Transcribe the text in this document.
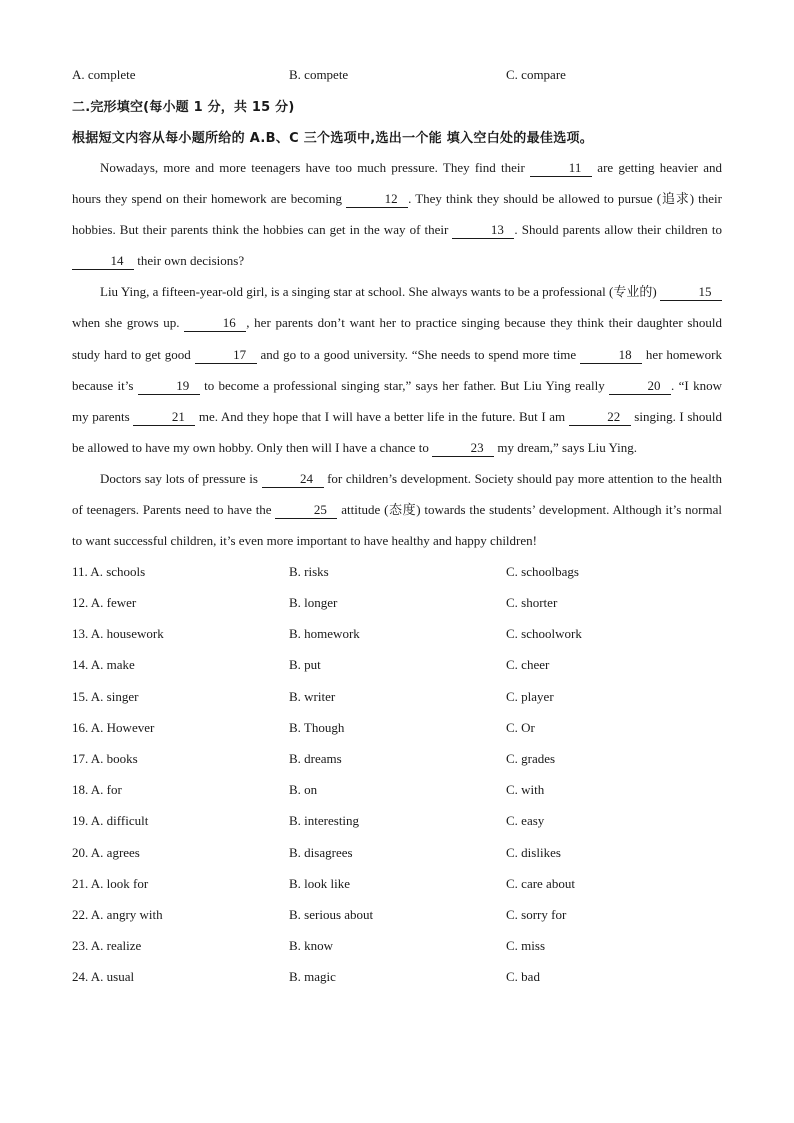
A. complete	B. compete	C. compare
二.完形填空(每小题 1 分，共 15 分)
根据短文内容从每小题所给的 A.B、C 三个选项中,选出一个能 填入空白处的最佳选项。

Nowadays, more and more teenagers have too much pressure. They find their	11 are getting heavier and hours they spend on their homework are becoming	12 . They think they should be allowed to pursue (追求) their hobbies. But their parents think the hobbies can get in the way of their	13 . Should parents allow their children to 14 their own decisions?

Liu Ying, a fifteen-year-old girl, is a singing star at school. She always wants to be a professional (专业的)	15 when she grows up.	16 , her parents don’t want her to practice singing because they think their daughter should study hard to get good	17 and go to a good university. “She needs to spend more time	18 her homework because it’s	19 to become a professional singing star,” says her father. But Liu Ying really	20 . “I know my parents	21 me. And they hope that I will have a better life in the future. But I am	22 singing. I should be allowed to have my own hobby. Only then will I have a chance to	23 my dream,” says Liu Ying.

Doctors say lots of pressure is	24 for children’s development. Society should pay more attention to the health of teenagers. Parents need to have the	25 attitude (态度) towards the students’ development. Although it’s normal to want successful children, it’s even more important to have healthy and happy children!

11. A. schools	B. risks	C. schoolbags
12. A. fewer	B. longer	C. shorter
13. A. housework	B. homework	C. schoolwork
14. A. make	B. put	C. cheer
15. A. singer	B. writer	C. player
16. A. However	B. Though	C. Or
17. A. books	B. dreams	C. grades
18. A. for	B. on	C. with
19. A. difficult	B. interesting	C. easy
20. A. agrees	B. disagrees	C. dislikes
21. A. look for	B. look like	C. care about
22. A. angry with	B. serious about	C. sorry for
23. A. realize	B. know	C. miss
24. A. usual	B. magic	C. bad
